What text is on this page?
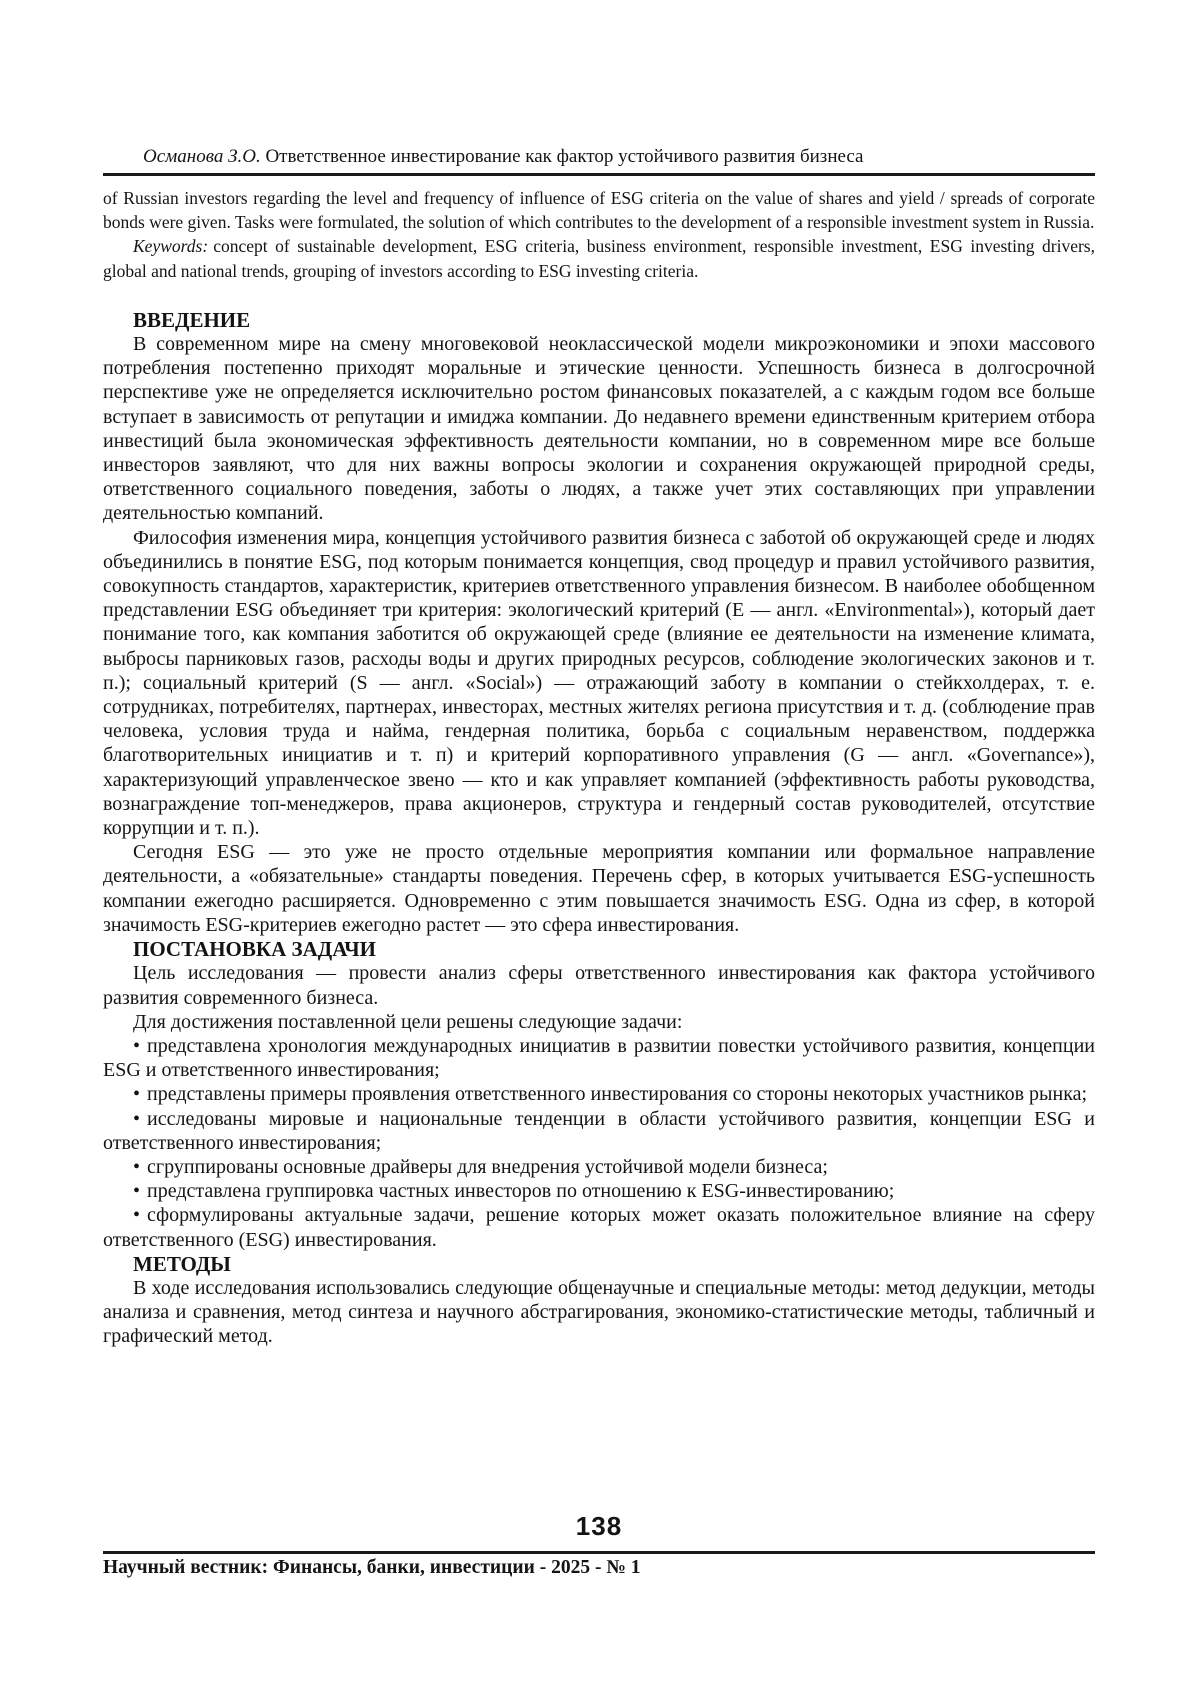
Османова З.О. Ответственное инвестирование как фактор устойчивого развития бизнеса

of Russian investors regarding the level and frequency of influence of ESG criteria on the value of shares and yield / spreads of corporate bonds were given. Tasks were formulated, the solution of which contributes to the development of a responsible investment system in Russia.

Keywords: concept of sustainable development, ESG criteria, business environment, responsible investment, ESG investing drivers, global and national trends, grouping of investors according to ESG investing criteria.

ВВЕДЕНИЕ

В современном мире на смену многовековой неоклассической модели микроэкономики и эпохи массового потребления постепенно приходят моральные и этические ценности. Успешность бизнеса в долгосрочной перспективе уже не определяется исключительно ростом финансовых показателей, а с каждым годом все больше вступает в зависимость от репутации и имиджа компании. До недавнего времени единственным критерием отбора инвестиций была экономическая эффективность деятельности компании, но в современном мире все больше инвесторов заявляют, что для них важны вопросы экологии и сохранения окружающей природной среды, ответственного социального поведения, заботы о людях, а также учет этих составляющих при управлении деятельностью компаний.

Философия изменения мира, концепция устойчивого развития бизнеса с заботой об окружающей среде и людях объединились в понятие ESG, под которым понимается концепция, свод процедур и правил устойчивого развития, совокупность стандартов, характеристик, критериев ответственного управления бизнесом. В наиболее обобщенном представлении ESG объединяет три критерия: экологический критерий (E — англ. «Environmental»), который дает понимание того, как компания заботится об окружающей среде (влияние ее деятельности на изменение климата, выбросы парниковых газов, расходы воды и других природных ресурсов, соблюдение экологических законов и т. п.); социальный критерий (S — англ. «Social») — отражающий заботу в компании о стейкхолдерах, т. е. сотрудниках, потребителях, партнерах, инвесторах, местных жителях региона присутствия и т. д. (соблюдение прав человека, условия труда и найма, гендерная политика, борьба с социальным неравенством, поддержка благотворительных инициатив и т. п) и критерий корпоративного управления (G — англ. «Governance»), характеризующий управленческое звено — кто и как управляет компанией (эффективность работы руководства, вознаграждение топ-менеджеров, права акционеров, структура и гендерный состав руководителей, отсутствие коррупции и т. п.).

Сегодня ESG — это уже не просто отдельные мероприятия компании или формальное направление деятельности, а «обязательные» стандарты поведения. Перечень сфер, в которых учитывается ESG-успешность компании ежегодно расширяется. Одновременно с этим повышается значимость ESG. Одна из сфер, в которой значимость ESG-критериев ежегодно растет — это сфера инвестирования.

ПОСТАНОВКА ЗАДАЧИ

Цель исследования — провести анализ сферы ответственного инвестирования как фактора устойчивого развития современного бизнеса.

Для достижения поставленной цели решены следующие задачи:

• представлена хронология международных инициатив в развитии повестки устойчивого развития, концепции ESG и ответственного инвестирования;

• представлены примеры проявления ответственного инвестирования со стороны некоторых участников рынка;

• исследованы мировые и национальные тенденции в области устойчивого развития, концепции ESG и ответственного инвестирования;

• сгруппированы основные драйверы для внедрения устойчивой модели бизнеса;

• представлена группировка частных инвесторов по отношению к ESG-инвестированию;

• сформулированы актуальные задачи, решение которых может оказать положительное влияние на сферу ответственного (ESG) инвестирования.

МЕТОДЫ

В ходе исследования использовались следующие общенаучные и специальные методы: метод дедукции, методы анализа и сравнения, метод синтеза и научного абстрагирования, экономико-статистические методы, табличный и графический метод.

138
Научный вестник: Финансы, банки, инвестиции - 2025 - № 1
